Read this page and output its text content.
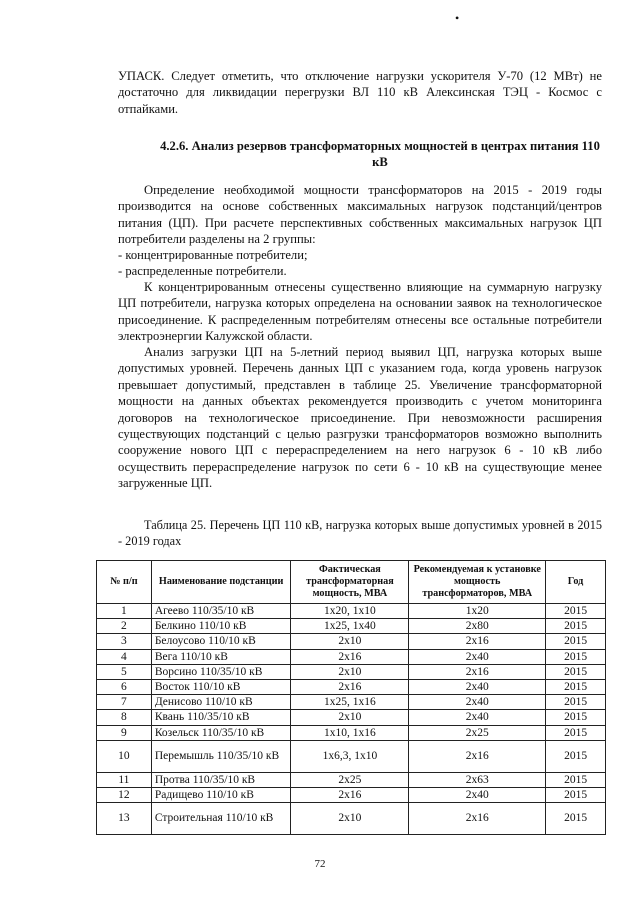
•

УПАСК. Следует отметить, что отключение нагрузки ускорителя У-70 (12 МВт) не достаточно для ликвидации перегрузки ВЛ 110 кВ Алексинская ТЭЦ - Космос с отпайками.

4.2.6. Анализ резервов трансформаторных мощностей в центрах питания 110 кВ

Определение необходимой мощности трансформаторов на 2015 - 2019 годы производится на основе собственных максимальных нагрузок подстанций/центров питания (ЦП). При расчете перспективных собственных максимальных нагрузок ЦП потребители разделены на 2 группы:

- концентрированные потребители;
- распределенные потребители.

К концентрированным отнесены существенно влияющие на суммарную нагрузку ЦП потребители, нагрузка которых определена на основании заявок на технологическое присоединение. К распределенным потребителям отнесены все остальные потребители электроэнергии Калужской области.

Анализ загрузки ЦП на 5-летний период выявил ЦП, нагрузка которых выше допустимых уровней. Перечень данных ЦП с указанием года, когда уровень нагрузок превышает допустимый, представлен в таблице 25. Увеличение трансформаторной мощности на данных объектах рекомендуется производить с учетом мониторинга договоров на технологическое присоединение. При невозможности расширения существующих подстанций с целью разгрузки трансформаторов возможно выполнить сооружение нового ЦП с перераспределением на него нагрузок 6 - 10 кВ либо осуществить перераспределение нагрузок по сети 6 - 10 кВ на существующие менее загруженные ЦП.

Таблица 25. Перечень ЦП 110 кВ, нагрузка которых выше допустимых уровней в 2015 - 2019 годах

№ п/п	Наименование подстанции	Фактическая трансформаторная мощность, МВА	Рекомендуемая к установке мощность трансформаторов, МВА	Год
1	Агеево 110/35/10 кВ	1х20, 1х10	1х20	2015
2	Белкино 110/10 кВ	1х25, 1х40	2х80	2015
3	Белоусово 110/10 кВ	2х10	2х16	2015
4	Вега 110/10 кВ	2х16	2х40	2015
5	Ворсино 110/35/10 кВ	2х10	2х16	2015
6	Восток 110/10 кВ	2х16	2х40	2015
7	Денисово 110/10 кВ	1х25, 1х16	2х40	2015
8	Квань 110/35/10 кВ	2х10	2х40	2015
9	Козельск 110/35/10 кВ	1х10, 1х16	2х25	2015
10	Перемышль 110/35/10 кВ	1х6,3, 1х10	2х16	2015
11	Протва 110/35/10 кВ	2х25	2х63	2015
12	Радищево 110/10 кВ	2х16	2х40	2015
13	Строительная 110/10 кВ	2х10	2х16	2015
72
